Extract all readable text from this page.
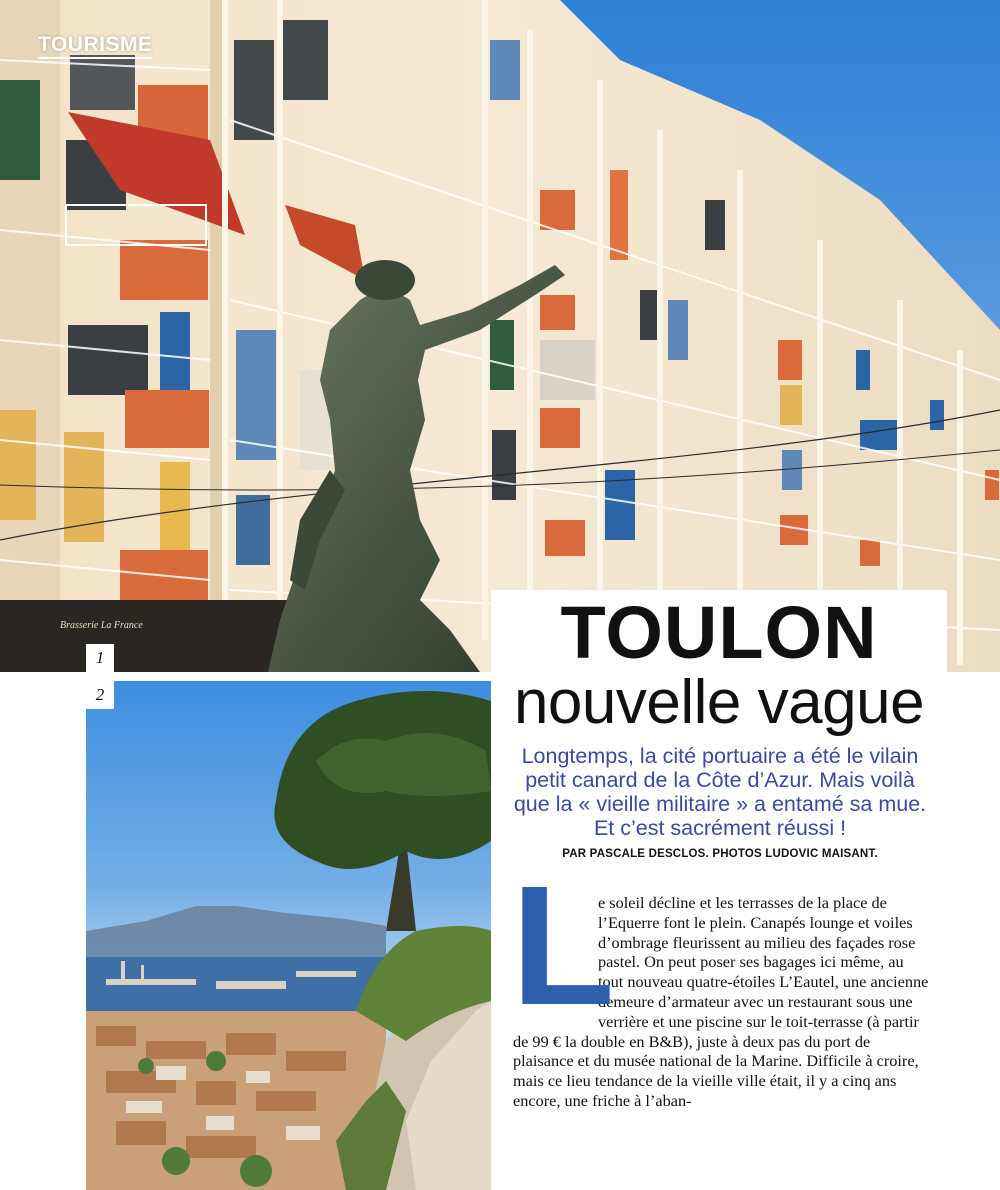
Brasserie La France
TOURISME
1
2
TOULON
nouvelle vague
Longtemps, la cité portuaire a été le vilain petit canard de la Côte d’Azur. Mais voilà que la « vieille militaire » a entamé sa mue. Et c’est sacrément réussi !
PAR PASCALE DESCLOS. PHOTOS LUDOVIC MAISANT.
L
e soleil décline et les terrasses de la place de l’Equerre font le plein. Canapés lounge et voiles d’ombrage fleurissent au milieu des façades rose pastel. On peut poser ses bagages ici même, au tout nouveau quatre-étoiles L’Eautel, une ancienne demeure d’armateur avec un restaurant sous une verrière et une piscine sur le toit-terrasse (à partir de 99 € la double en B&B), juste à deux pas du port de plaisance et du musée national de la Marine. Difficile à croire, mais ce lieu tendance de la vieille ville était, il y a cinq ans encore, une friche à l’aban-
